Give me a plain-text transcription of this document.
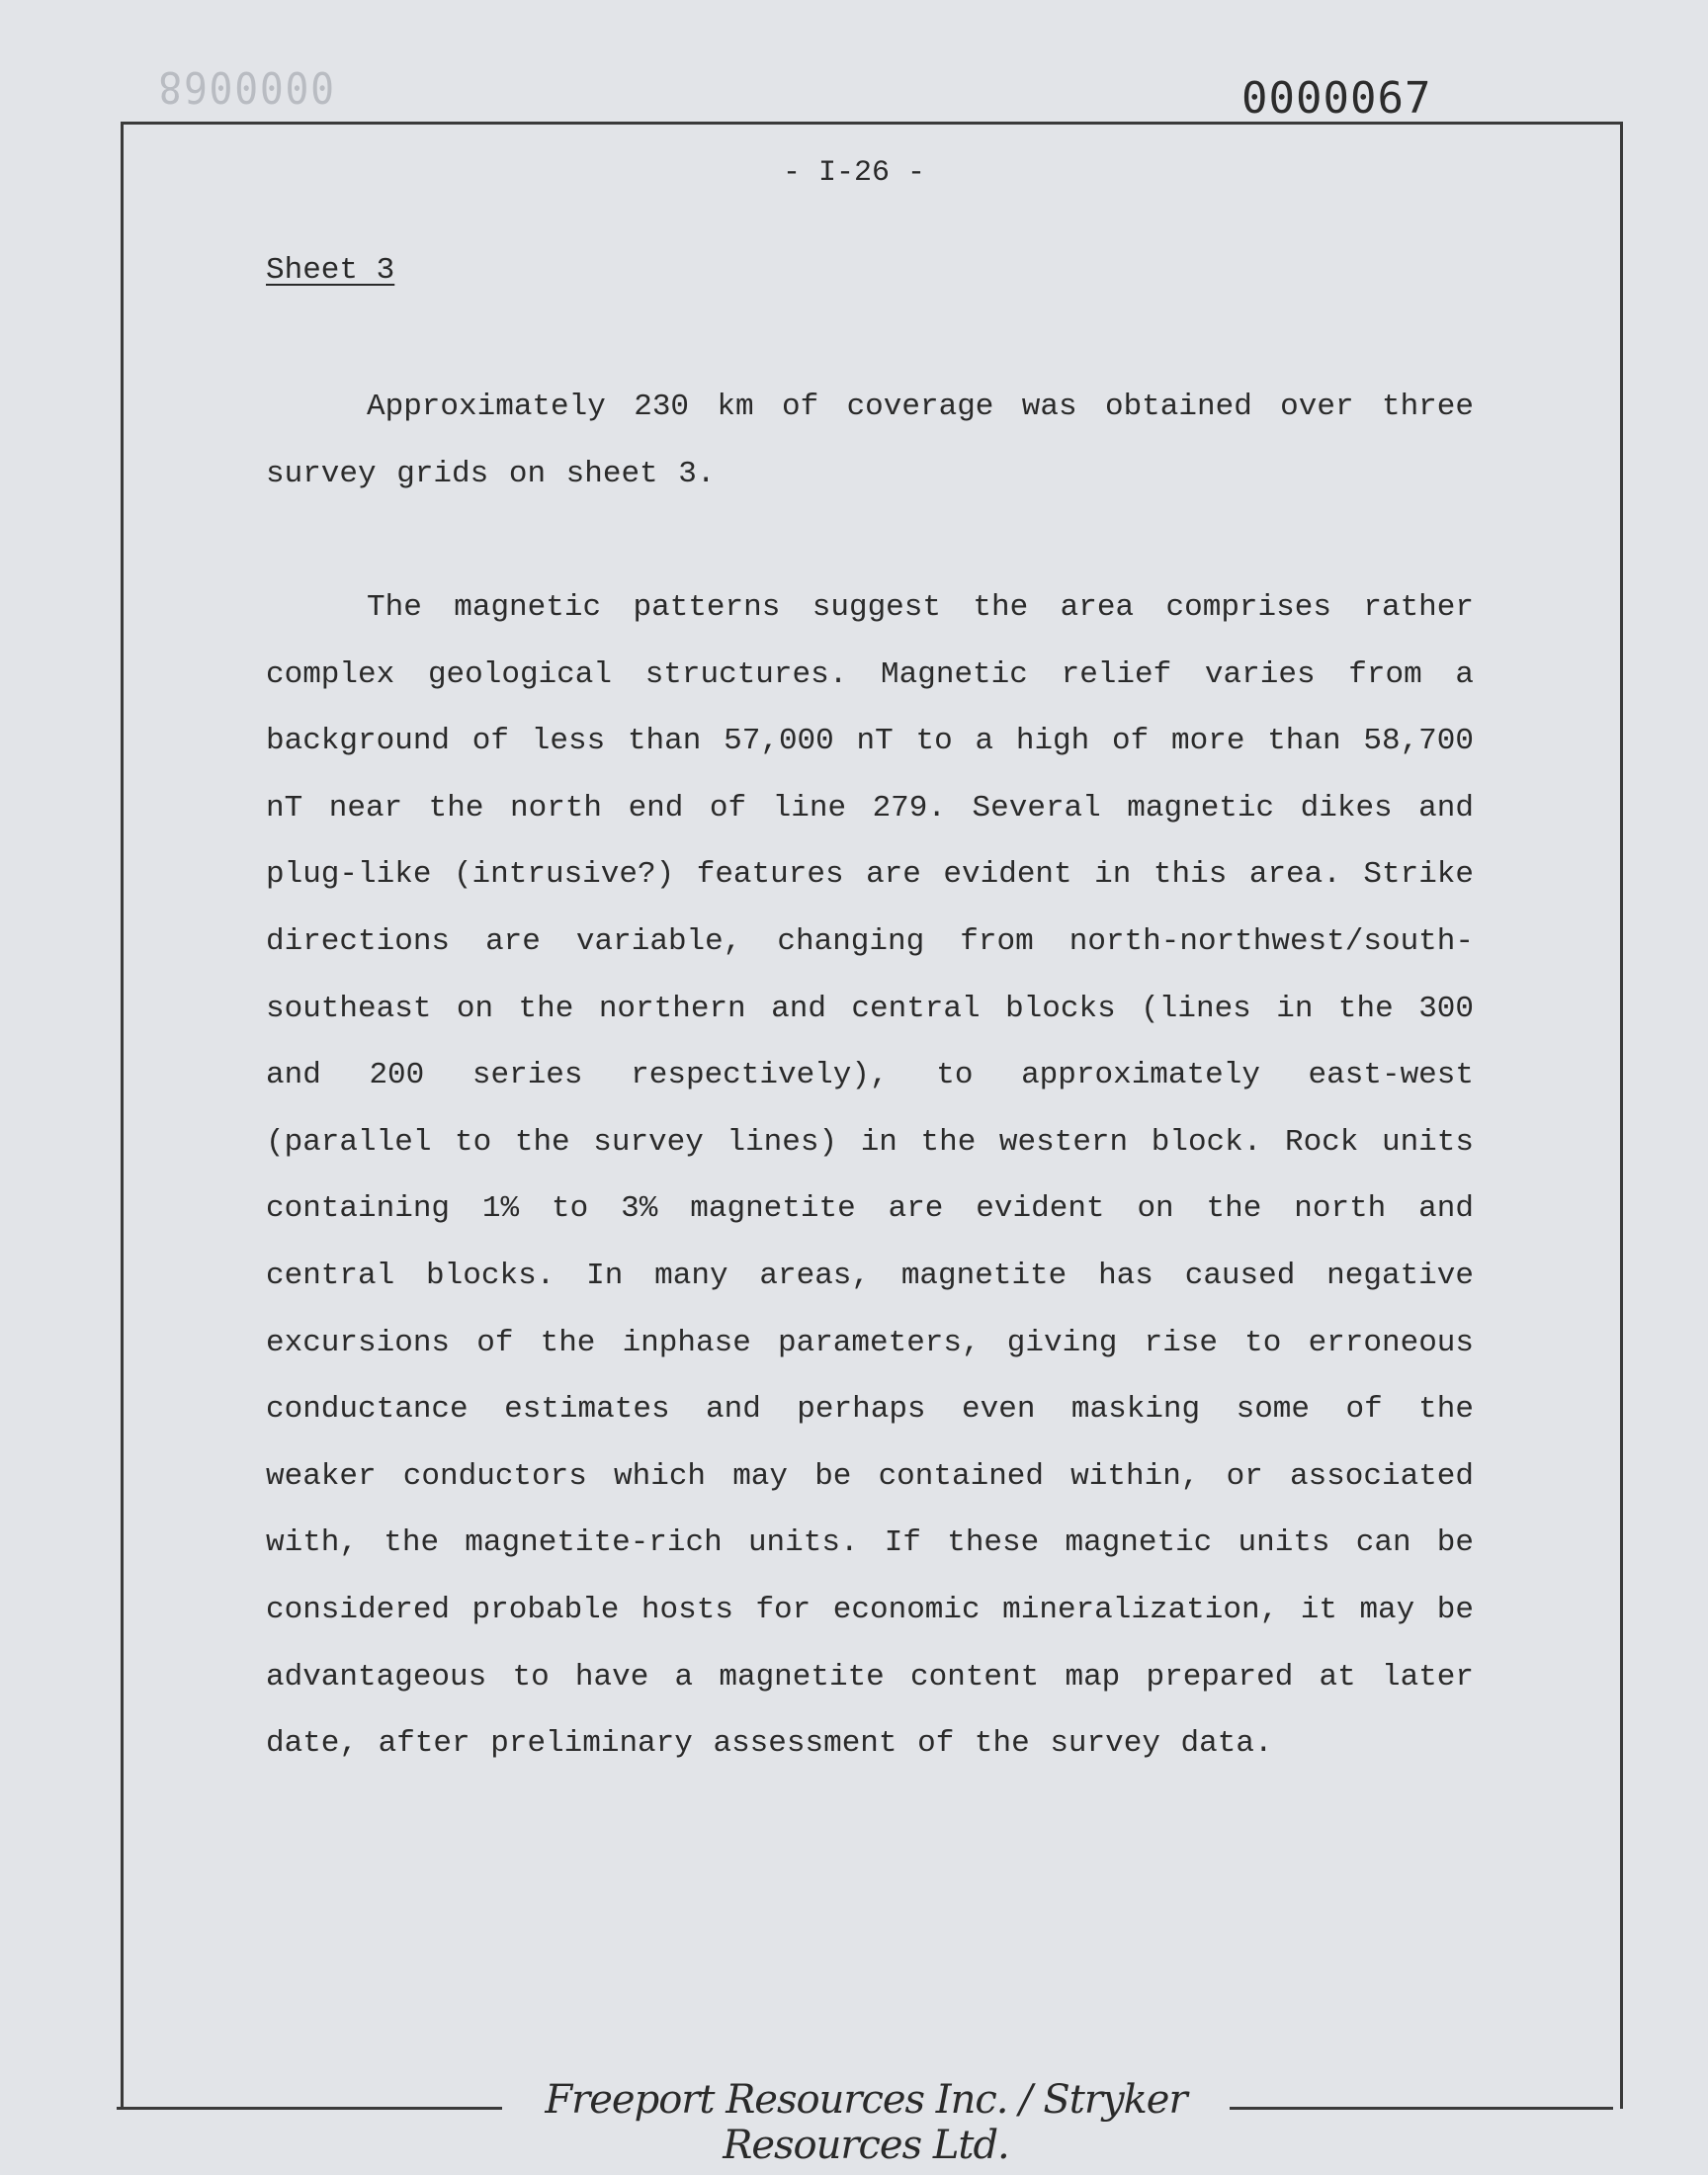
0000068	0000067
- I-26 -
Sheet 3

Approximately 230 km of coverage was obtained over three survey grids on sheet 3.

The magnetic patterns suggest the area comprises rather complex geological structures. Magnetic relief varies from a background of less than 57,000 nT to a high of more than 58,700 nT near the north end of line 279. Several magnetic dikes and plug-like (intrusive?) features are evident in this area. Strike directions are variable, changing from north-northwest/south-southeast on the northern and central blocks (lines in the 300 and 200 series respectively), to approximately east-west (parallel to the survey lines) in the western block. Rock units containing 1% to 3% magnetite are evident on the north and central blocks. In many areas, magnetite has caused negative excursions of the inphase parameters, giving rise to erroneous conductance estimates and perhaps even masking some of the weaker conductors which may be contained within, or associated with, the magnetite-rich units. If these magnetic units can be considered probable hosts for economic mineralization, it may be advantageous to have a magnetite content map prepared at later date, after preliminary assessment of the survey data.

Freeport Resources Inc. / Stryker Resources Ltd.
